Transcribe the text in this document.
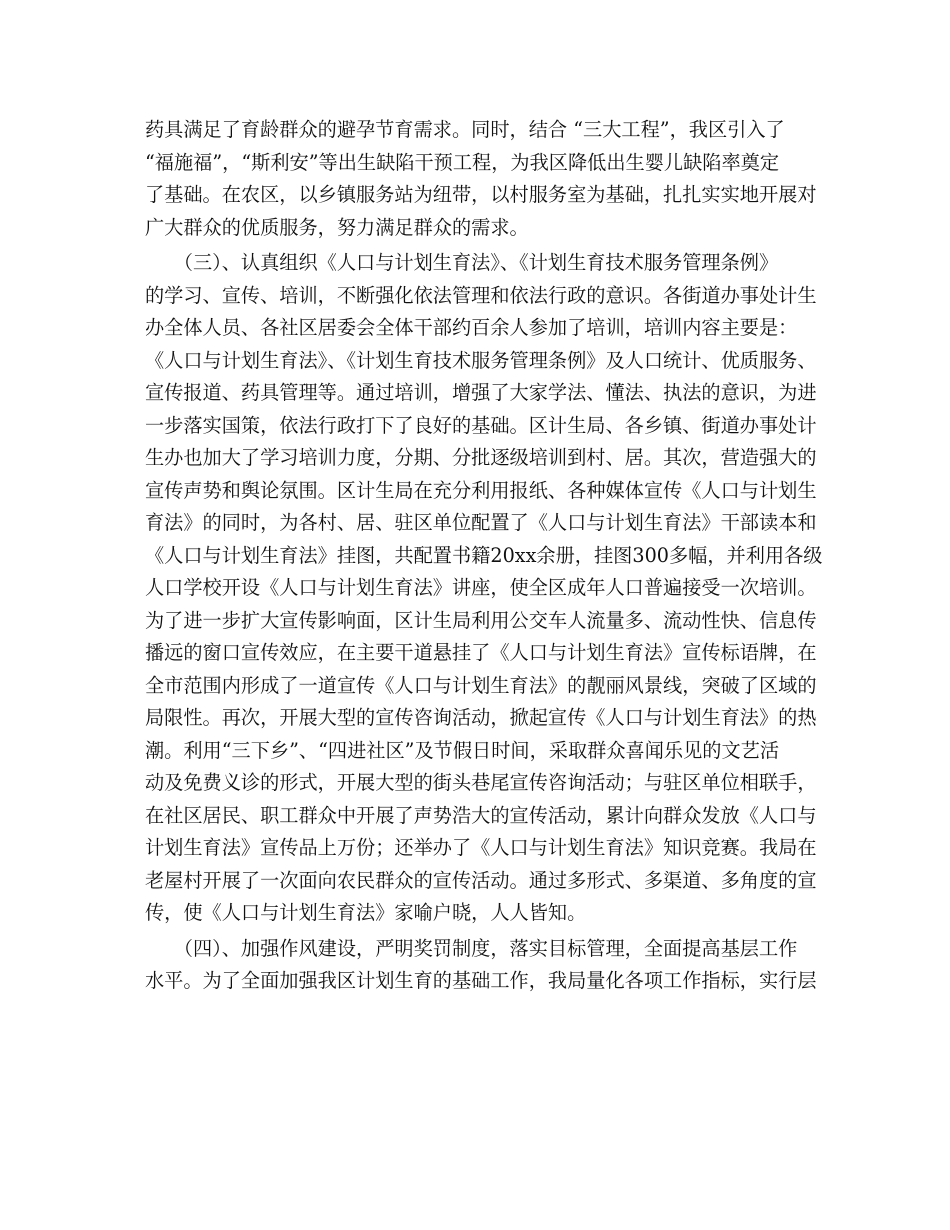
药具满足了育龄群众的避孕节育需求。同时，结合 “三大工程”，我区引入了
“福施福”，“斯利安”等出生缺陷干预工程，为我区降低出生婴儿缺陷率奠定
了基础。在农区，以乡镇服务站为纽带，以村服务室为基础，扎扎实实地开展对
广大群众的优质服务，努力满足群众的需求。
　　（三）、认真组织《人口与计划生育法》、《计划生育技术服务管理条例》
的学习、宣传、培训，不断强化依法管理和依法行政的意识。各街道办事处计生
办全体人员、各社区居委会全体干部约百余人参加了培训，培训内容主要是：
《人口与计划生育法》、《计划生育技术服务管理条例》及人口统计、优质服务、
宣传报道、药具管理等。通过培训，增强了大家学法、懂法、执法的意识，为进
一步落实国策，依法行政打下了良好的基础。区计生局、各乡镇、街道办事处计
生办也加大了学习培训力度，分期、分批逐级培训到村、居。其次，营造强大的
宣传声势和舆论氛围。区计生局在充分利用报纸、各种媒体宣传《人口与计划生
育法》的同时，为各村、居、驻区单位配置了《人口与计划生育法》干部读本和
《人口与计划生育法》挂图，共配置书籍20xx余册，挂图300多幅，并利用各级
人口学校开设《人口与计划生育法》讲座，使全区成年人口普遍接受一次培训。
为了进一步扩大宣传影响面，区计生局利用公交车人流量多、流动性快、信息传
播远的窗口宣传效应，在主要干道悬挂了《人口与计划生育法》宣传标语牌，在
全市范围内形成了一道宣传《人口与计划生育法》的靓丽风景线，突破了区域的
局限性。再次，开展大型的宣传咨询活动，掀起宣传《人口与计划生育法》的热
潮。利用“三下乡”、“四进社区”及节假日时间，采取群众喜闻乐见的文艺活
动及免费义诊的形式，开展大型的街头巷尾宣传咨询活动；与驻区单位相联手，
在社区居民、职工群众中开展了声势浩大的宣传活动，累计向群众发放《人口与
计划生育法》宣传品上万份；还举办了《人口与计划生育法》知识竞赛。我局在
老屋村开展了一次面向农民群众的宣传活动。通过多形式、多渠道、多角度的宣
传，使《人口与计划生育法》家喻户晓，人人皆知。
　　（四）、加强作风建设，严明奖罚制度，落实目标管理，全面提高基层工作
水平。为了全面加强我区计划生育的基础工作，我局量化各项工作指标，实行层
